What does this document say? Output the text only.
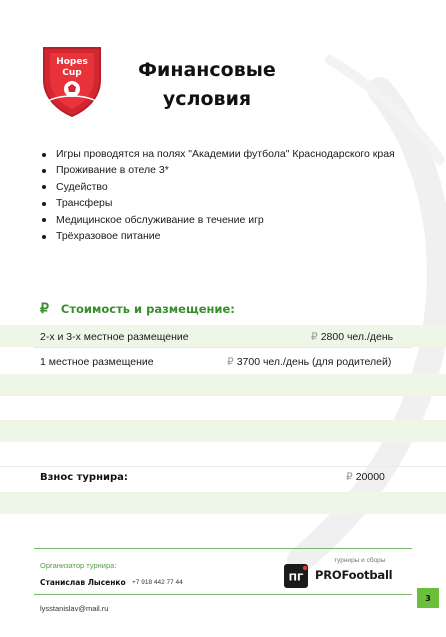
Hopes
Cup	Финансовые
условия
Игры проводятся на полях "Академии футбола" Краснодарского края
Проживание в отеле 3*
Судейство
Трансферы
Медицинское обслуживание в течение игр
Трёхразовое питание
₽ Стоимость и размещение:
2-х и 3-х местное размещение	₽ 2800 чел./день
1 местное размещение	₽ 3700 чел./день (для родителей)
Взнос турнира:	₽ 20000
Организатор турнира:
Станислав Лысенко +7 918 442 77 44
lysstanislav@mail.ru
турниры и сборы
ПГ PROFootball
3
